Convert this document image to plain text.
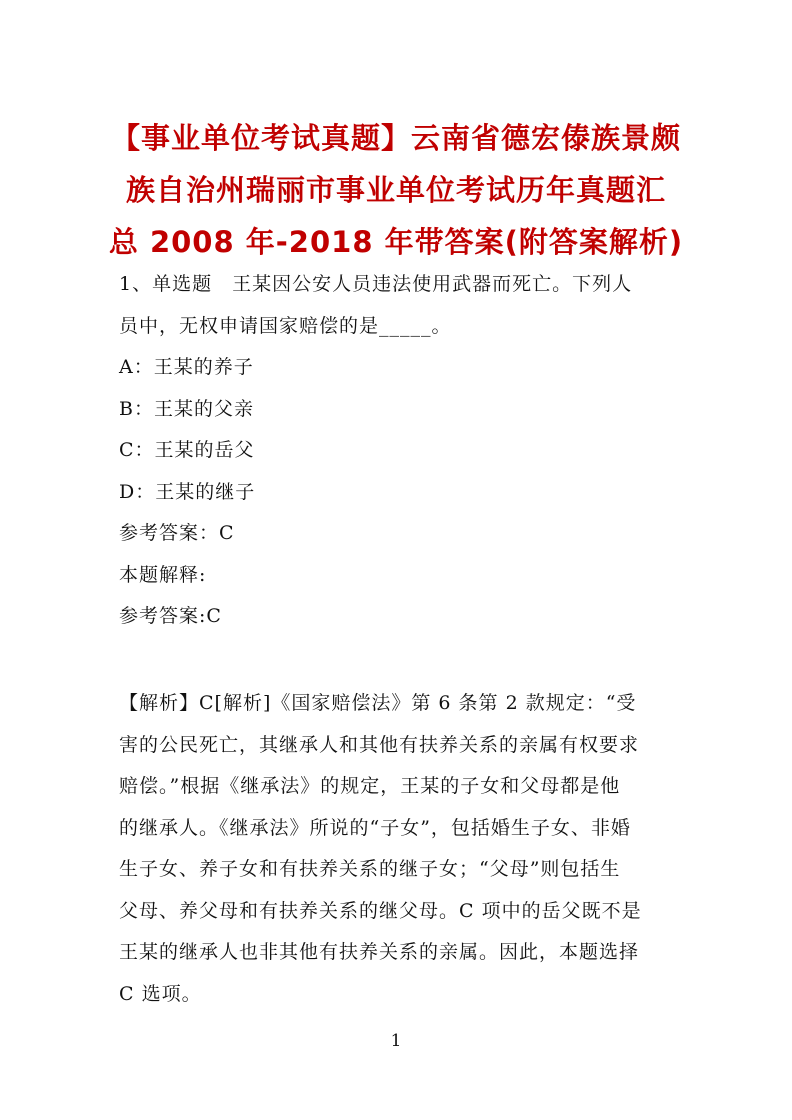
【事业单位考试真题】云南省德宏傣族景颇
族自治州瑞丽市事业单位考试历年真题汇
总 2008 年-2018 年带答案(附答案解析)
1、单选题　王某因公安人员违法使用武器而死亡。下列人
员中，无权申请国家赔偿的是_____。
A：王某的养子
B：王某的父亲
C：王某的岳父
D：王某的继子
参考答案：C
本题解释:
参考答案:C
【解析】C[解析]《国家赔偿法》第 6 条第 2 款规定：“受
害的公民死亡，其继承人和其他有扶养关系的亲属有权要求
赔偿。”根据《继承法》的规定，王某的子女和父母都是他
的继承人。《继承法》所说的“子女”，包括婚生子女、非婚
生子女、养子女和有扶养关系的继子女；“父母”则包括生
父母、养父母和有扶养关系的继父母。C 项中的岳父既不是
王某的继承人也非其他有扶养关系的亲属。因此，本题选择
C 选项。
1
